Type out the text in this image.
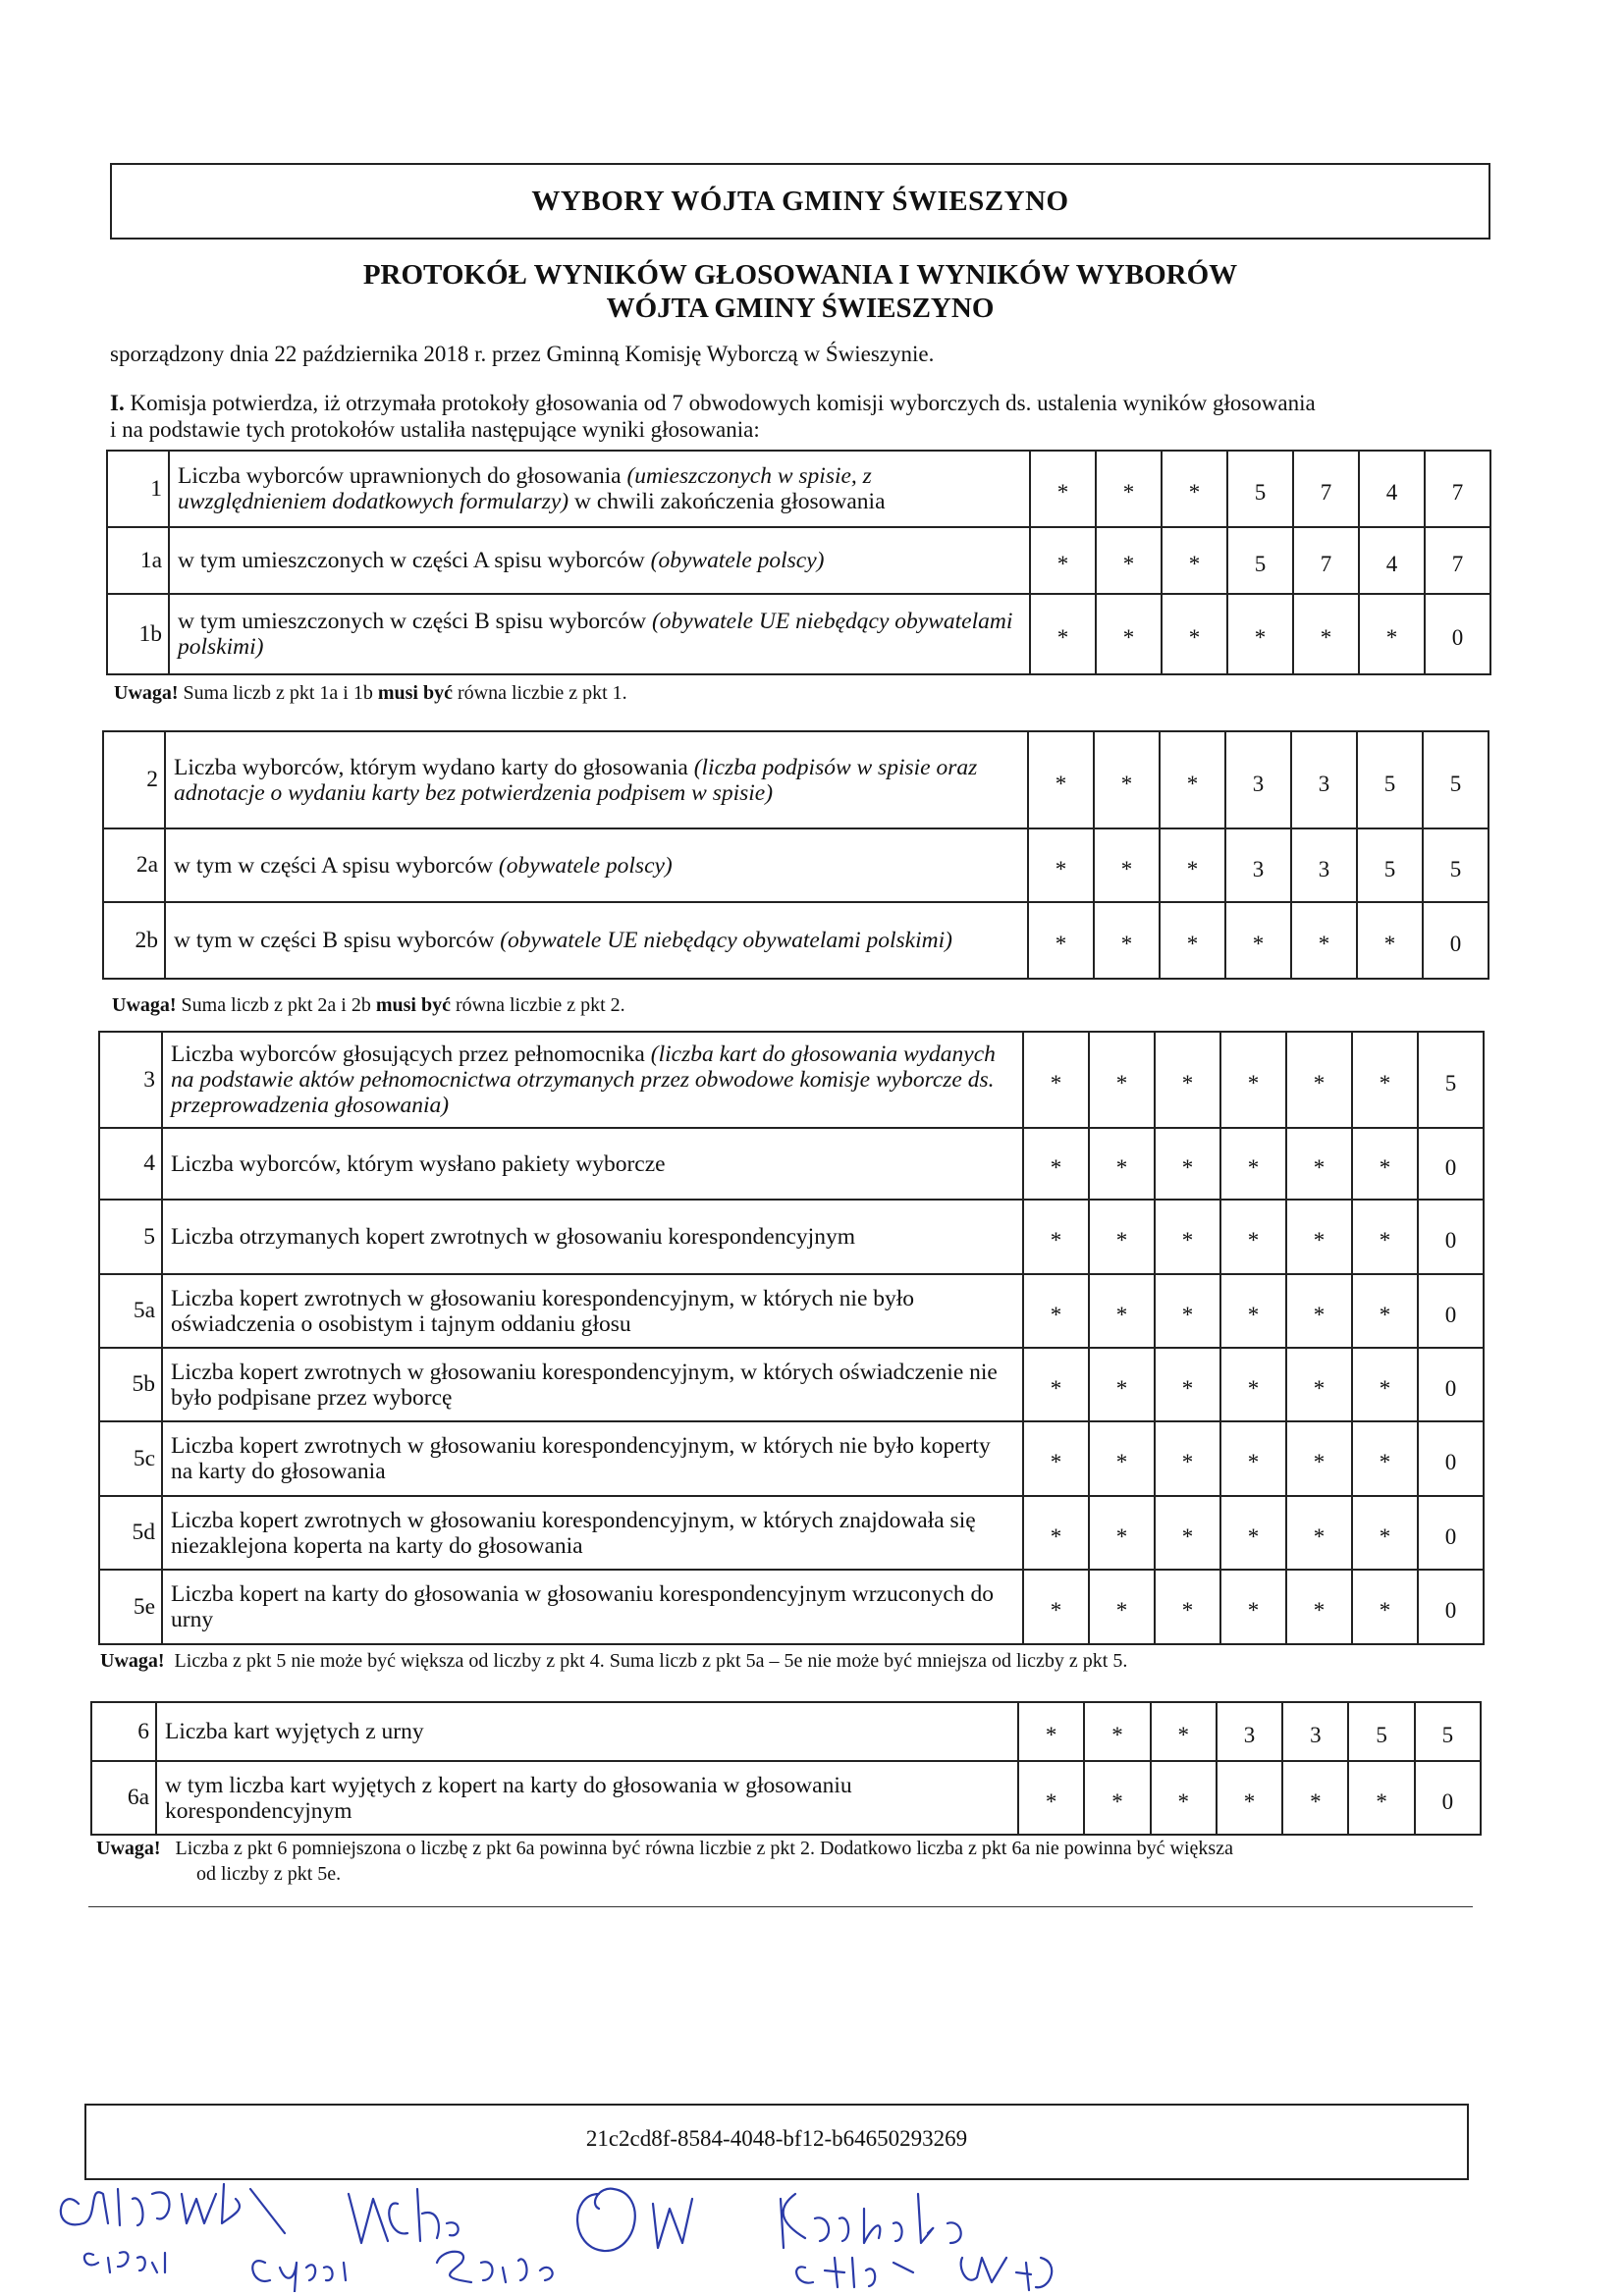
WYBORY WÓJTA GMINY ŚWIESZYNO
PROTOKÓŁ WYNIKÓW GŁOSOWANIA I WYNIKÓW WYBORÓW
WÓJTA GMINY ŚWIESZYNO
sporządzony dnia 22 października 2018 r. przez Gminną Komisję Wyborczą w Świeszynie.
I. Komisja potwierdza, iż otrzymała protokoły głosowania od 7 obwodowych komisji wyborczych ds. ustalenia wyników głosowania
i na podstawie tych protokołów ustaliła następujące wyniki głosowania:
1	Liczba wyborców uprawnionych do głosowania (umieszczonych w spisie, z uwzględnieniem dodatkowych formularzy) w chwili zakończenia głosowania	*	*	*	5	7	4	7
1a	w tym umieszczonych w części A spisu wyborców (obywatele polscy)	*	*	*	5	7	4	7
1b	w tym umieszczonych w części B spisu wyborców (obywatele UE niebędący obywatelami polskimi)	*	*	*	*	*	*	0
Uwaga! Suma liczb z pkt 1a i 1b musi być równa liczbie z pkt 1.
2	Liczba wyborców, którym wydano karty do głosowania (liczba podpisów w spisie oraz adnotacje o wydaniu karty bez potwierdzenia podpisem w spisie)	*	*	*	3	3	5	5
2a	w tym w części A spisu wyborców (obywatele polscy)	*	*	*	3	3	5	5
2b	w tym w części B spisu wyborców (obywatele UE niebędący obywatelami polskimi)	*	*	*	*	*	*	0
Uwaga! Suma liczb z pkt 2a i 2b musi być równa liczbie z pkt 2.
3	Liczba wyborców głosujących przez pełnomocnika (liczba kart do głosowania wydanych na podstawie aktów pełnomocnictwa otrzymanych przez obwodowe komisje wyborcze ds. przeprowadzenia głosowania)	*	*	*	*	*	*	5
4	Liczba wyborców, którym wysłano pakiety wyborcze	*	*	*	*	*	*	0
5	Liczba otrzymanych kopert zwrotnych w głosowaniu korespondencyjnym	*	*	*	*	*	*	0
5a	Liczba kopert zwrotnych w głosowaniu korespondencyjnym, w których nie było oświadczenia o osobistym i tajnym oddaniu głosu	*	*	*	*	*	*	0
5b	Liczba kopert zwrotnych w głosowaniu korespondencyjnym, w których oświadczenie nie było podpisane przez wyborcę	*	*	*	*	*	*	0
5c	Liczba kopert zwrotnych w głosowaniu korespondencyjnym, w których nie było koperty na karty do głosowania	*	*	*	*	*	*	0
5d	Liczba kopert zwrotnych w głosowaniu korespondencyjnym, w których znajdowała się niezaklejona koperta na karty do głosowania	*	*	*	*	*	*	0
5e	Liczba kopert na karty do głosowania w głosowaniu korespondencyjnym wrzuconych do urny	*	*	*	*	*	*	0
Uwaga! Liczba z pkt 5 nie może być większa od liczby z pkt 4. Suma liczb z pkt 5a – 5e nie może być mniejsza od liczby z pkt 5.
6	Liczba kart wyjętych z urny	*	*	*	3	3	5	5
6a	w tym liczba kart wyjętych z kopert na karty do głosowania w głosowaniu korespondencyjnym	*	*	*	*	*	*	0
Uwaga! Liczba z pkt 6 pomniejszona o liczbę z pkt 6a powinna być równa liczbie z pkt 2. Dodatkowo liczba z pkt 6a nie powinna być większa
od liczby z pkt 5e.
21c2cd8f-8584-4048-bf12-b64650293269
